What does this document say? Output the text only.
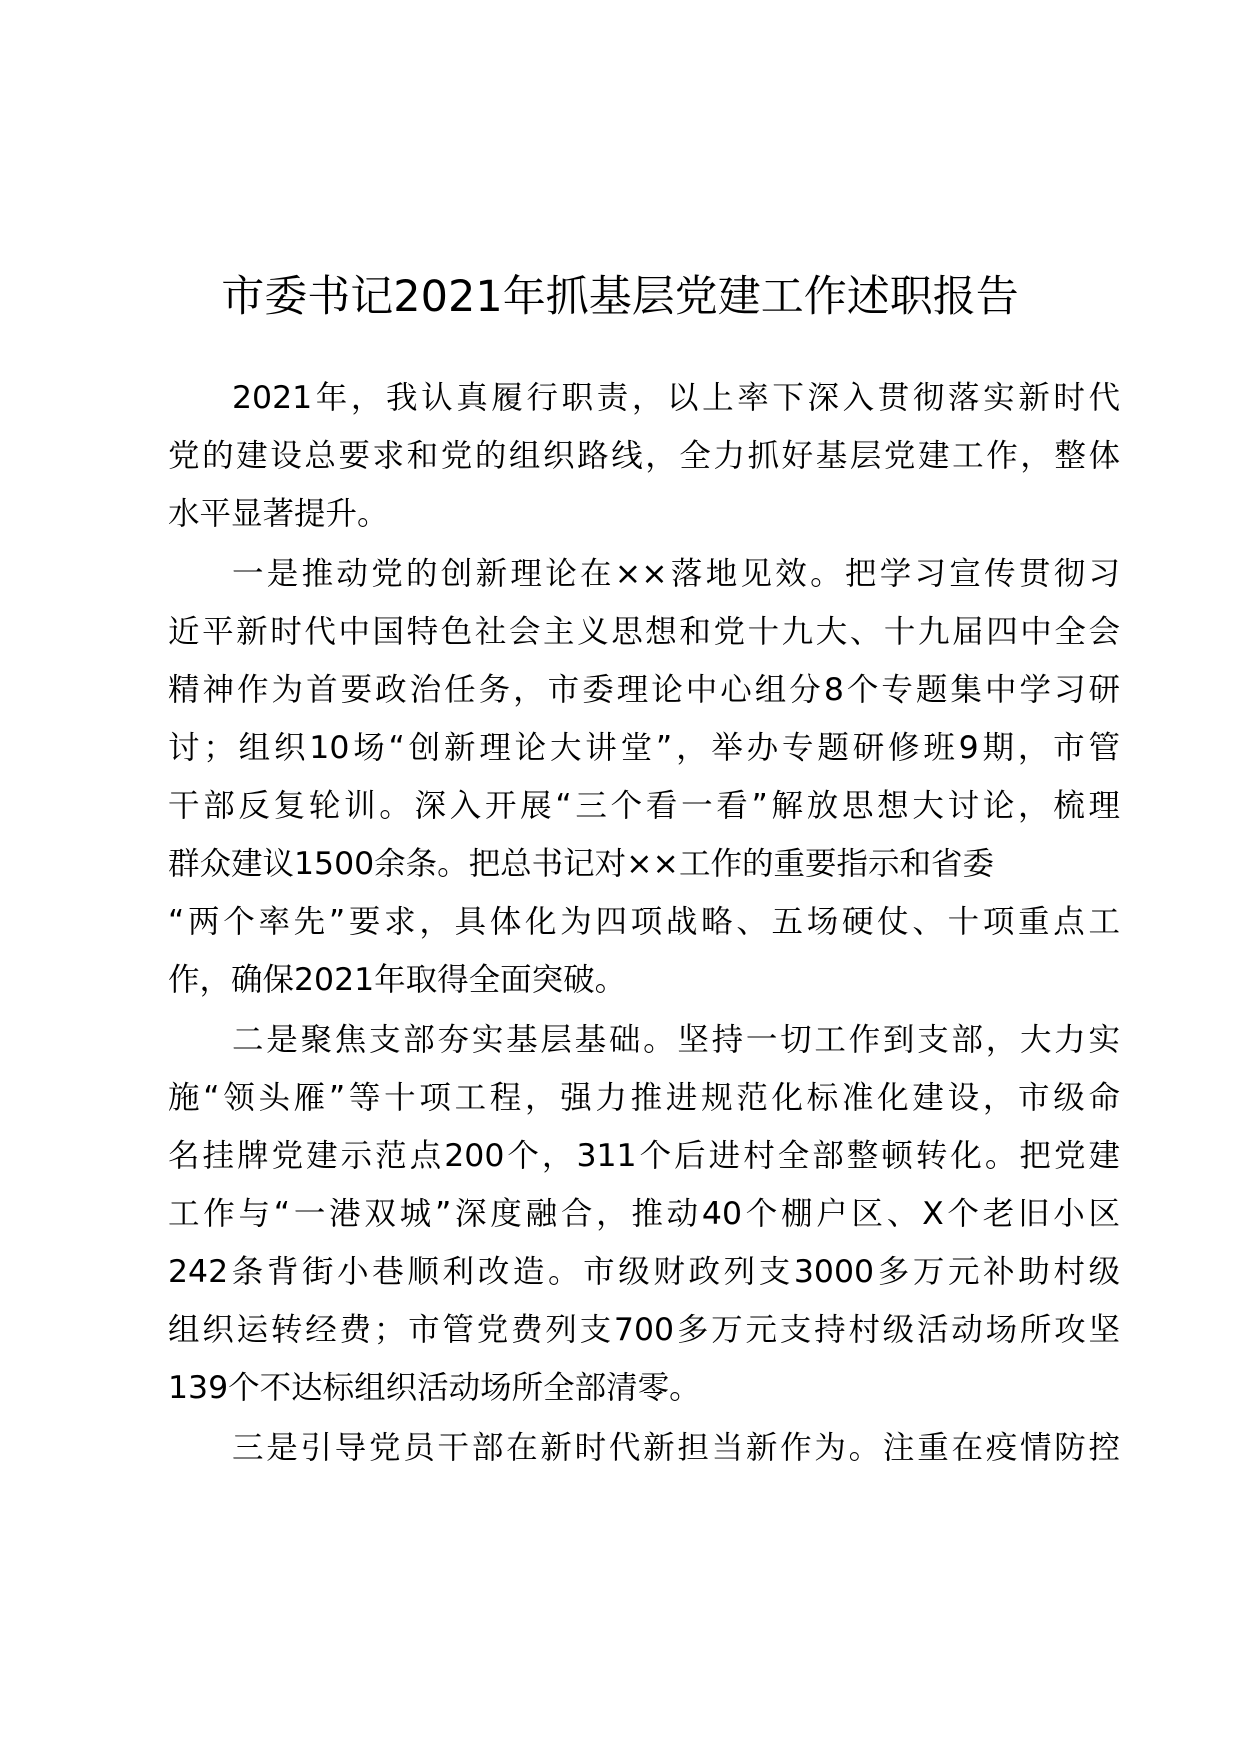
市委书记2021年抓基层党建工作述职报告
2021年，我认真履行职责，以上率下深入贯彻落实新时代
党的建设总要求和党的组织路线，全力抓好基层党建工作，整体
水平显著提升。
一是推动党的创新理论在××落地见效。把学习宣传贯彻习
近平新时代中国特色社会主义思想和党十九大、十九届四中全会
精神作为首要政治任务，市委理论中心组分8个专题集中学习研
讨；组织10场“创新理论大讲堂”，举办专题研修班9期，市管
干部反复轮训。深入开展“三个看一看”解放思想大讨论，梳理
群众建议1500余条。把总书记对××工作的重要指示和省委
“两个率先”要求，具体化为四项战略、五场硬仗、十项重点工
作，确保2021年取得全面突破。
二是聚焦支部夯实基层基础。坚持一切工作到支部，大力实
施“领头雁”等十项工程，强力推进规范化标准化建设，市级命
名挂牌党建示范点200个，311个后进村全部整顿转化。把党建
工作与“一港双城”深度融合，推动40个棚户区、X个老旧小区
242条背街小巷顺利改造。市级财政列支3000多万元补助村级
组织运转经费；市管党费列支700多万元支持村级活动场所攻坚
139个不达标组织活动场所全部清零。
三是引导党员干部在新时代新担当新作为。注重在疫情防控
